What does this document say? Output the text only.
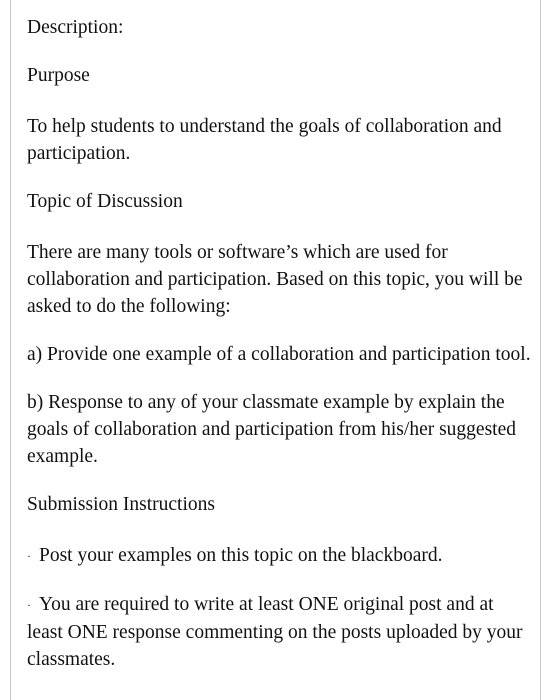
Description:

Purpose

To help students to understand the goals of collaboration and participation.

Topic of Discussion

There are many tools or software’s which are used for collaboration and participation. Based on this topic, you will be asked to do the following:

a) Provide one example of a collaboration and participation tool.

b) Response to any of your classmate example by explain the goals of collaboration and participation from his/her suggested example.

Submission Instructions

· Post your examples on this topic on the blackboard.

· You are required to write at least ONE original post and at least ONE response commenting on the posts uploaded by your classmates.
